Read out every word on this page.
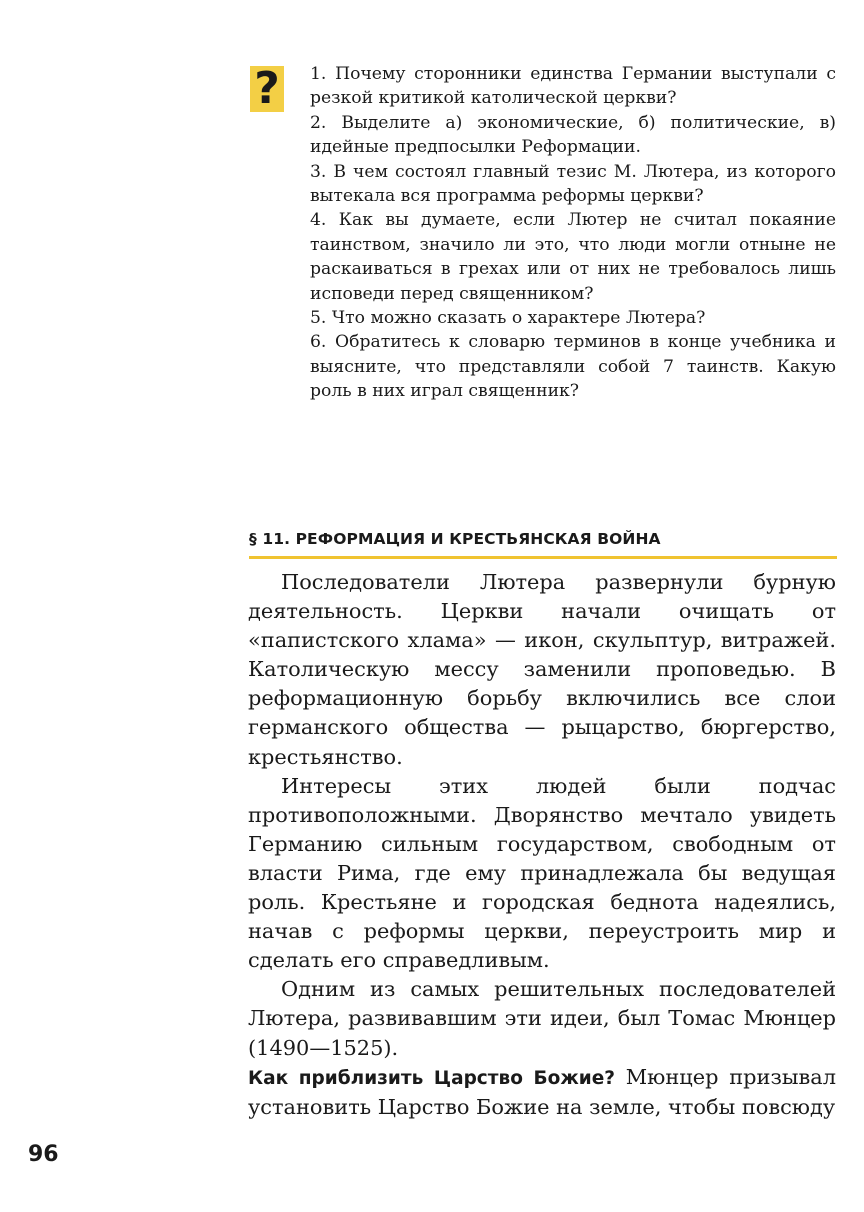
? 1. Почему сторонники единства Германии выступали с резкой критикой католической церкви?
2. Выделите а) экономические, б) политические, в) идейные предпосылки Реформации.
3. В чем состоял главный тезис М. Лютера, из которого вытекала вся программа реформы церкви?
4. Как вы думаете, если Лютер не считал покаяние таинством, значило ли это, что люди могли отныне не раскаиваться в грехах или от них не требовалось лишь исповеди перед священником?
5. Что можно сказать о характере Лютера?
6. Обратитесь к словарю терминов в конце учебника и выясните, что представляли собой 7 таинств. Какую роль в них играл священник?
§ 11. РЕФОРМАЦИЯ И КРЕСТЬЯНСКАЯ ВОЙНА

Последователи Лютера развернули бурную деятельность. Церкви начали очищать от «папистского хлама» — икон, скульптур, витражей. Католическую мессу заменили проповедью. В реформационную борьбу включились все слои германского общества — рыцарство, бюргерство, крестьянство.

Интересы этих людей были подчас противоположными. Дворянство мечтало увидеть Германию сильным государством, свободным от власти Рима, где ему принадлежала бы ведущая роль. Крестьяне и городская беднота надеялись, начав с реформы церкви, переустроить мир и сделать его справедливым.

Одним из самых решительных последователей Лютера, развивавшим эти идеи, был Томас Мюнцер (1490—1525).

Как приблизить Царство Божие? Мюнцер призывал установить Царство Божие на земле, чтобы повсюду

96
